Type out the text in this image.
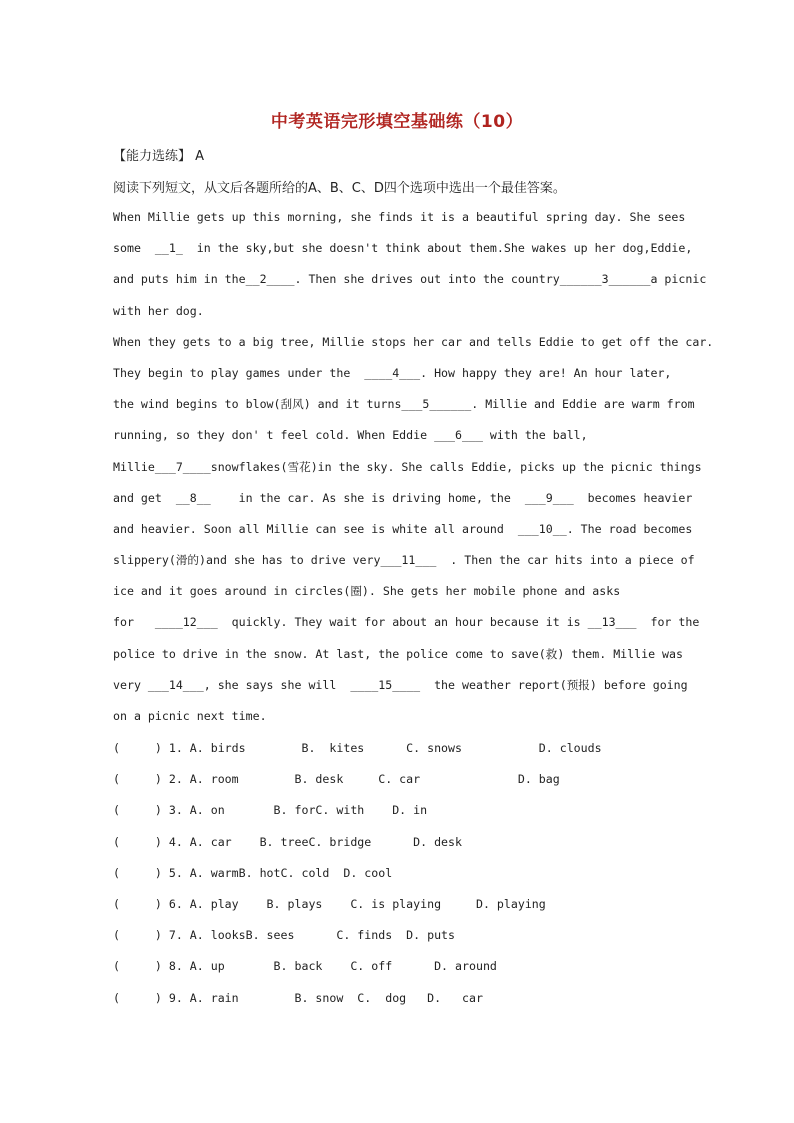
中考英语完形填空基础练（10）
【能力选练】 A
阅读下列短文，从文后各题所给的A、B、C、D四个选项中选出一个最佳答案。
When Millie gets up this morning, she finds it is a beautiful spring day. She sees
some  __1_  in the sky,but she doesn't think about them.She wakes up her dog,Eddie,
and puts him in the__2____. Then she drives out into the country______3______a picnic
with her dog.
When they gets to a big tree, Millie stops her car and tells Eddie to get off the car.
They begin to play games under the  ____4___. How happy they are! An hour later,
the wind begins to blow(刮风) and it turns___5______. Millie and Eddie are warm from
running, so they don' t feel cold. When Eddie ___6___ with the ball,
Millie___7____snowflakes(雪花)in the sky. She calls Eddie, picks up the picnic things
and get  __8__    in the car. As she is driving home, the  ___9___  becomes heavier
and heavier. Soon all Millie can see is white all around  ___10__. The road becomes
slippery(滑的)and she has to drive very___11___  . Then the car hits into a piece of
ice and it goes around in circles(圈). She gets her mobile phone and asks
for   ____12___  quickly. They wait for about an hour because it is __13___  for the
police to drive in the snow. At last, the police come to save(救) them. Millie was
very ___14___, she says she will  ____15____  the weather report(预报) before going
on a picnic next time.
(     ) 1. A. birds        B.  kites      C. snows           D. clouds
(     ) 2. A. room        B. desk     C. car              D. bag
(     ) 3. A. on       B. forC. with    D. in
(     ) 4. A. car    B. treeC. bridge      D. desk
(     ) 5. A. warmB. hotC. cold  D. cool
(     ) 6. A. play    B. plays    C. is playing     D. playing
(     ) 7. A. looksB. sees      C. finds  D. puts
(     ) 8. A. up       B. back    C. off      D. around
(     ) 9. A. rain        B. snow  C.  dog   D.   car
